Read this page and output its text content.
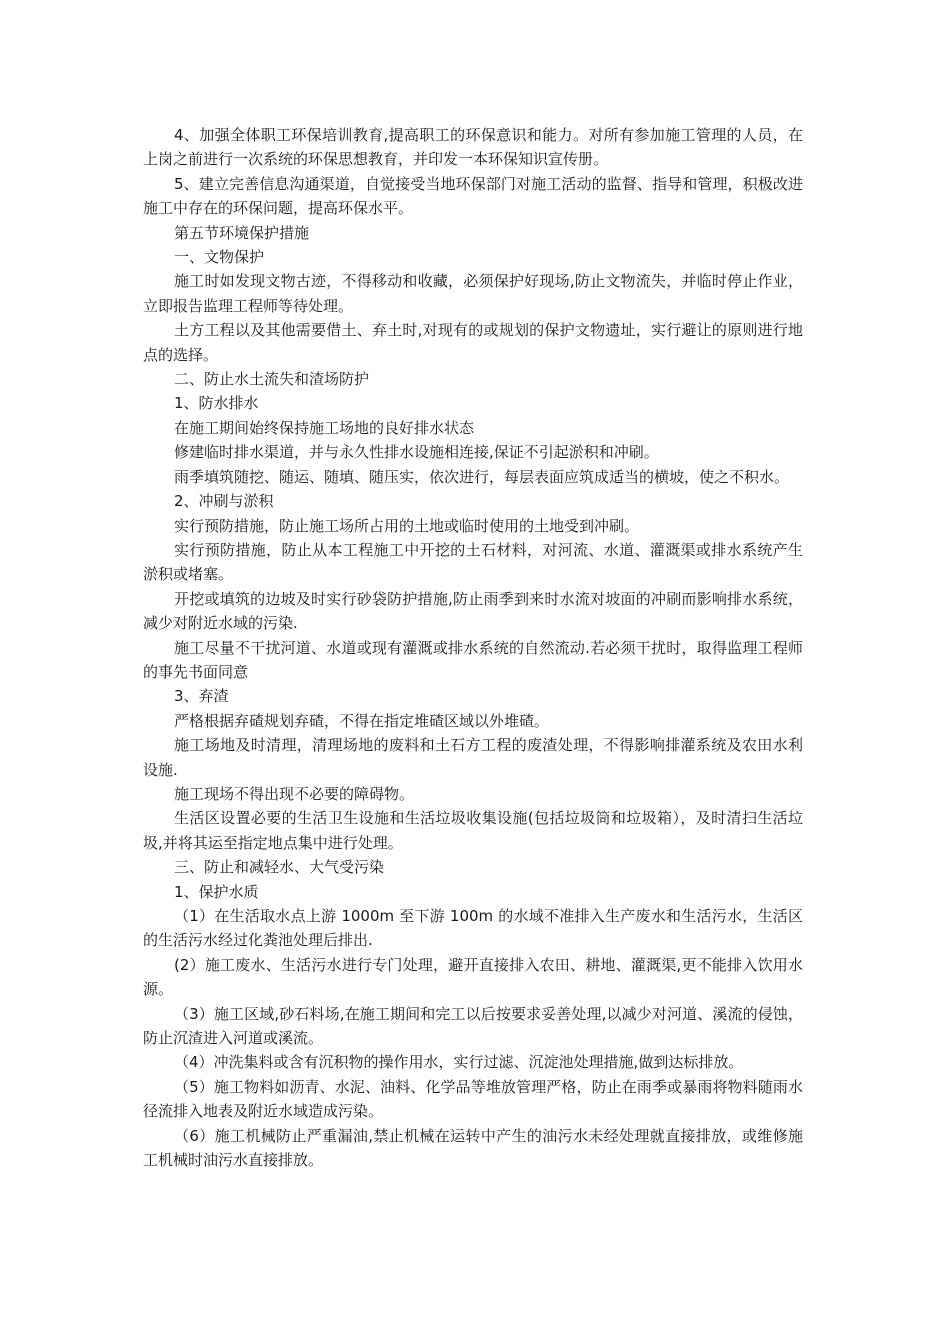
4、加强全体职工环保培训教育,提高职工的环保意识和能力。对所有参加施工管理的人员，在上岗之前进行一次系统的环保思想教育，并印发一本环保知识宣传册。

5、建立完善信息沟通渠道，自觉接受当地环保部门对施工活动的监督、指导和管理，积极改进施工中存在的环保问题，提高环保水平。

第五节环境保护措施

一、文物保护

施工时如发现文物古迹，不得移动和收藏，必须保护好现场,防止文物流失，并临时停止作业，立即报告监理工程师等待处理。

土方工程以及其他需要借土、弃土时,对现有的或规划的保护文物遗址，实行避让的原则进行地点的选择。

二、防止水土流失和渣场防护

1、防水排水

在施工期间始终保持施工场地的良好排水状态

修建临时排水渠道，并与永久性排水设施相连接,保证不引起淤积和冲刷。

雨季填筑随挖、随运、随填、随压实，依次进行，每层表面应筑成适当的横坡，使之不积水。

2、冲刷与淤积

实行预防措施，防止施工场所占用的土地或临时使用的土地受到冲刷。

实行预防措施，防止从本工程施工中开挖的土石材料，对河流、水道、灌溉渠或排水系统产生淤积或堵塞。

开挖或填筑的边坡及时实行砂袋防护措施,防止雨季到来时水流对坡面的冲刷而影响排水系统，减少对附近水域的污染.

施工尽量不干扰河道、水道或现有灌溉或排水系统的自然流动.若必须干扰时，取得监理工程师的事先书面同意

3、弃渣

严格根据弃碴规划弃碴，不得在指定堆碴区域以外堆碴。

施工场地及时清理，清理场地的废料和土石方工程的废渣处理，不得影响排灌系统及农田水利设施.

施工现场不得出现不必要的障碍物。

生活区设置必要的生活卫生设施和生活垃圾收集设施(包括垃圾筒和垃圾箱），及时清扫生活垃圾,并将其运至指定地点集中进行处理。

三、防止和减轻水、大气受污染

1、保护水质

（1）在生活取水点上游 1000m 至下游 100m 的水域不准排入生产废水和生活污水，生活区的生活污水经过化粪池处理后排出.

(2）施工废水、生活污水进行专门处理，避开直接排入农田、耕地、灌溉渠,更不能排入饮用水源。

（3）施工区域,砂石料场,在施工期间和完工以后按要求妥善处理,以减少对河道、溪流的侵蚀，防止沉渣进入河道或溪流。

（4）冲洗集料或含有沉积物的操作用水，实行过滤、沉淀池处理措施,做到达标排放。

（5）施工物料如沥青、水泥、油料、化学品等堆放管理严格，防止在雨季或暴雨将物料随雨水径流排入地表及附近水域造成污染。

（6）施工机械防止严重漏油,禁止机械在运转中产生的油污水未经处理就直接排放，或维修施工机械时油污水直接排放。
